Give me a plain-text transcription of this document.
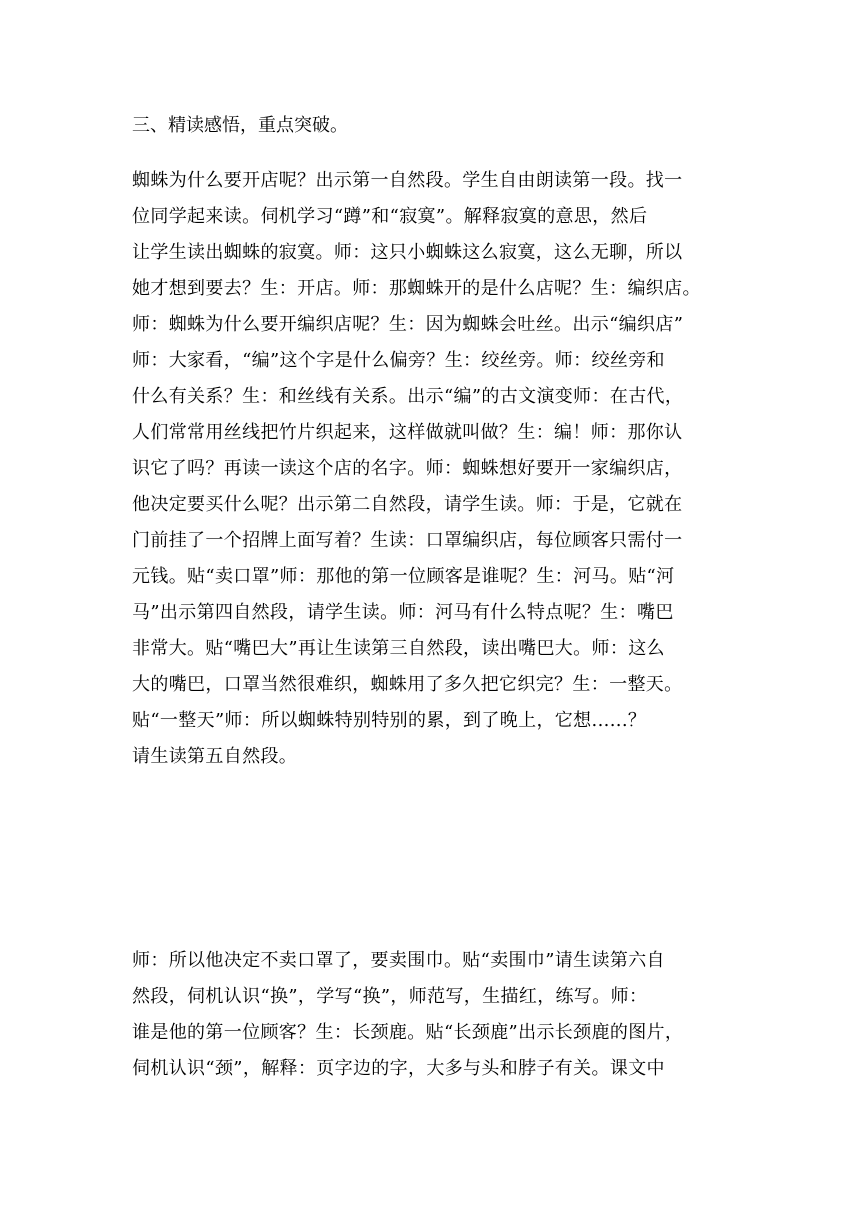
三、精读感悟，重点突破。
蜘蛛为什么要开店呢？出示第一自然段。学生自由朗读第一段。找一
位同学起来读。伺机学习“蹲”和“寂寞”。解释寂寞的意思，然后
让学生读出蜘蛛的寂寞。师：这只小蜘蛛这么寂寞，这么无聊，所以
她才想到要去？生：开店。师：那蜘蛛开的是什么店呢？生：编织店。
师：蜘蛛为什么要开编织店呢？生：因为蜘蛛会吐丝。出示“编织店”
师：大家看，“编”这个字是什么偏旁？生：绞丝旁。师：绞丝旁和
什么有关系？生：和丝线有关系。出示“编”的古文演变师：在古代，
人们常常用丝线把竹片织起来，这样做就叫做？生：编！师：那你认
识它了吗？再读一读这个店的名字。师：蜘蛛想好要开一家编织店，
他决定要买什么呢？出示第二自然段，请学生读。师：于是，它就在
门前挂了一个招牌上面写着？生读：口罩编织店，每位顾客只需付一
元钱。贴“卖口罩”师：那他的第一位顾客是谁呢？生：河马。贴“河
马”出示第四自然段，请学生读。师：河马有什么特点呢？生：嘴巴
非常大。贴“嘴巴大”再让生读第三自然段，读出嘴巴大。师：这么
大的嘴巴，口罩当然很难织，蜘蛛用了多久把它织完？生：一整天。
贴“一整天”师：所以蜘蛛特别特别的累，到了晚上，它想......？
请生读第五自然段。
师：所以他决定不卖口罩了，要卖围巾。贴“卖围巾”请生读第六自
然段，伺机认识“换”，学写“换”，师范写，生描红，练写。师：
谁是他的第一位顾客？生：长颈鹿。贴“长颈鹿”出示长颈鹿的图片，
伺机认识“颈”，解释：页字边的字，大多与头和脖子有关。课文中
